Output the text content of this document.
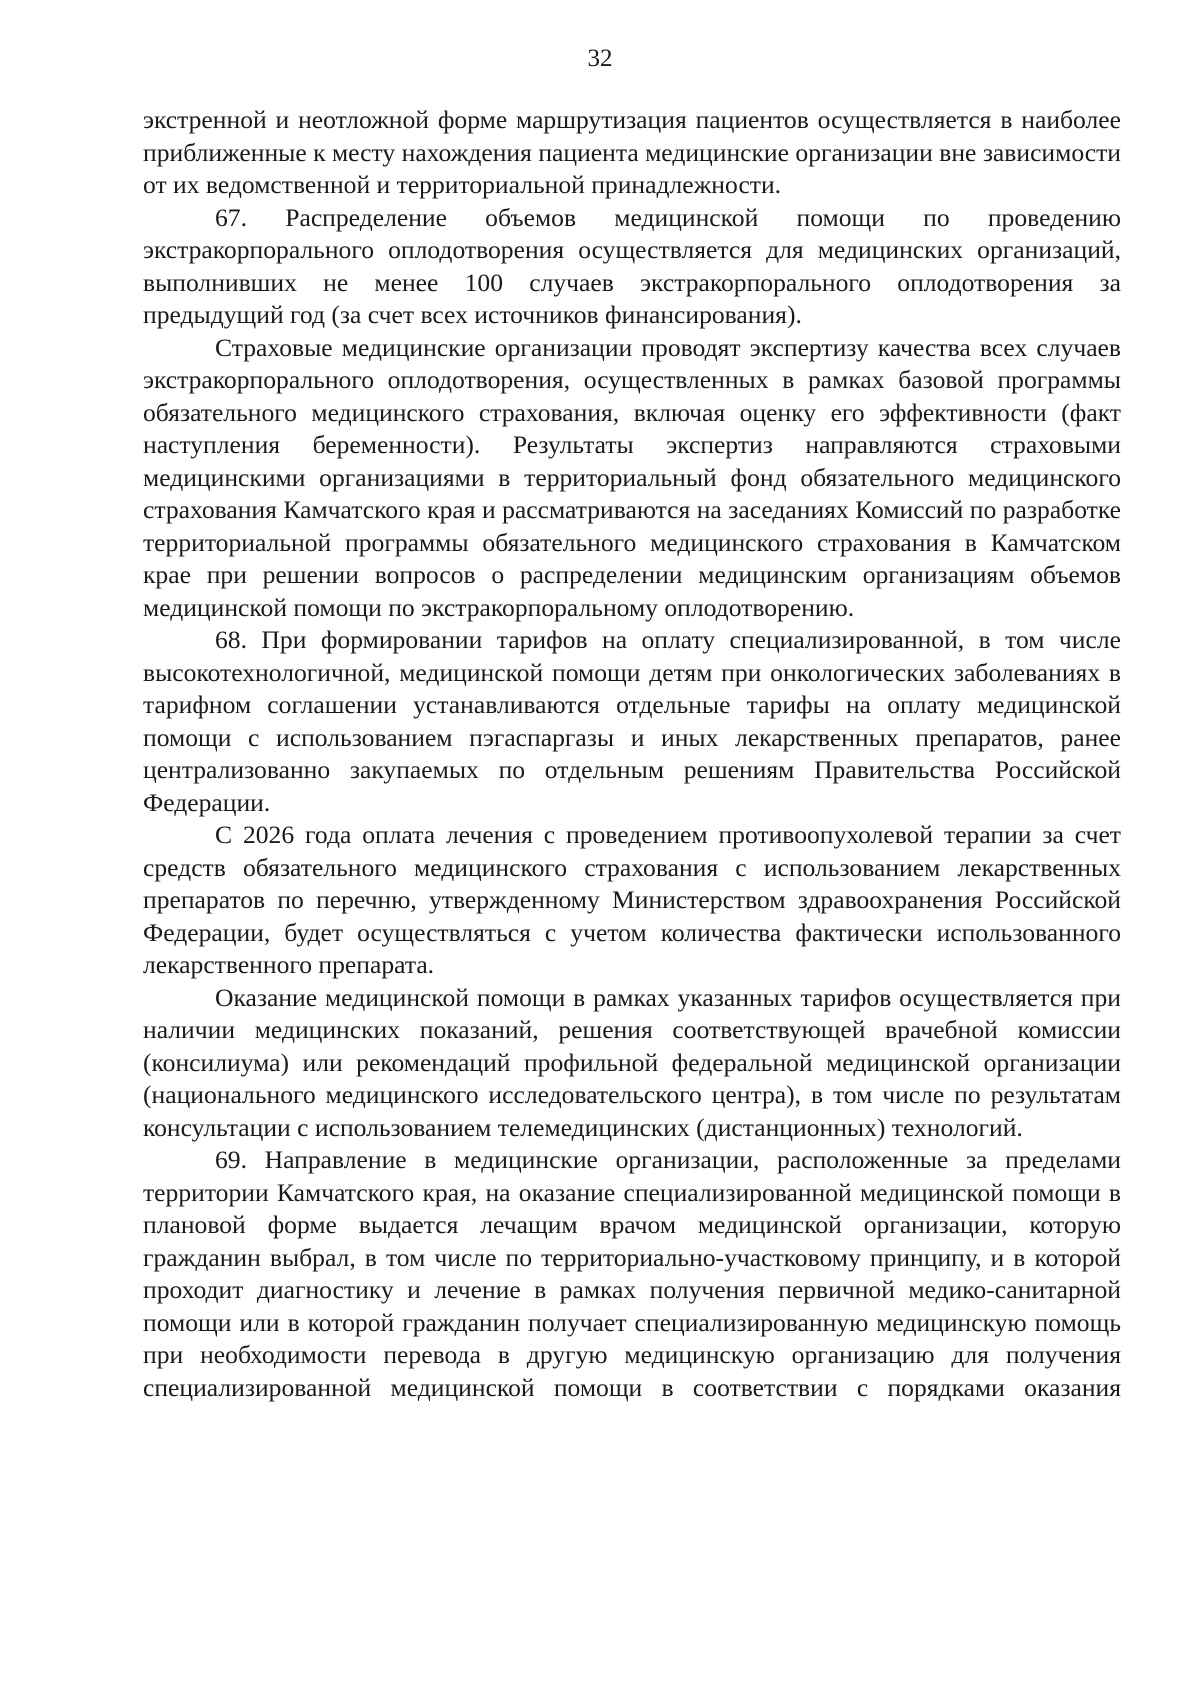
32

экстренной и неотложной форме маршрутизация пациентов осуществляется в наиболее приближенные к месту нахождения пациента медицинские организации вне зависимости от их ведомственной и территориальной принадлежности.

67. Распределение объемов медицинской помощи по проведению экстракорпорального оплодотворения осуществляется для медицинских организаций, выполнивших не менее 100 случаев экстракорпорального оплодотворения за предыдущий год (за счет всех источников финансирования).

Страховые медицинские организации проводят экспертизу качества всех случаев экстракорпорального оплодотворения, осуществленных в рамках базовой программы обязательного медицинского страхования, включая оценку его эффективности (факт наступления беременности). Результаты экспертиз направляются страховыми медицинскими организациями в территориальный фонд обязательного медицинского страхования Камчатского края и рассматриваются на заседаниях Комиссий по разработке территориальной программы обязательного медицинского страхования в Камчатском крае при решении вопросов о распределении медицинским организациям объемов медицинской помощи по экстракорпоральному оплодотворению.

68. При формировании тарифов на оплату специализированной, в том числе высокотехнологичной, медицинской помощи детям при онкологических заболеваниях в тарифном соглашении устанавливаются отдельные тарифы на оплату медицинской помощи с использованием пэгаспаргазы и иных лекарственных препаратов, ранее централизованно закупаемых по отдельным решениям Правительства Российской Федерации.

С 2026 года оплата лечения с проведением противоопухолевой терапии за счет средств обязательного медицинского страхования с использованием лекарственных препаратов по перечню, утвержденному Министерством здравоохранения Российской Федерации, будет осуществляться с учетом количества фактически использованного лекарственного препарата.

Оказание медицинской помощи в рамках указанных тарифов осуществляется при наличии медицинских показаний, решения соответствующей врачебной комиссии (консилиума) или рекомендаций профильной федеральной медицинской организации (национального медицинского исследовательского центра), в том числе по результатам консультации с использованием телемедицинских (дистанционных) технологий.

69. Направление в медицинские организации, расположенные за пределами территории Камчатского края, на оказание специализированной медицинской помощи в плановой форме выдается лечащим врачом медицинской организации, которую гражданин выбрал, в том числе по территориально-участковому принципу, и в которой проходит диагностику и лечение в рамках получения первичной медико-санитарной помощи или в которой гражданин получает специализированную медицинскую помощь при необходимости перевода в другую медицинскую организацию для получения специализированной медицинской помощи в соответствии с порядками оказания
